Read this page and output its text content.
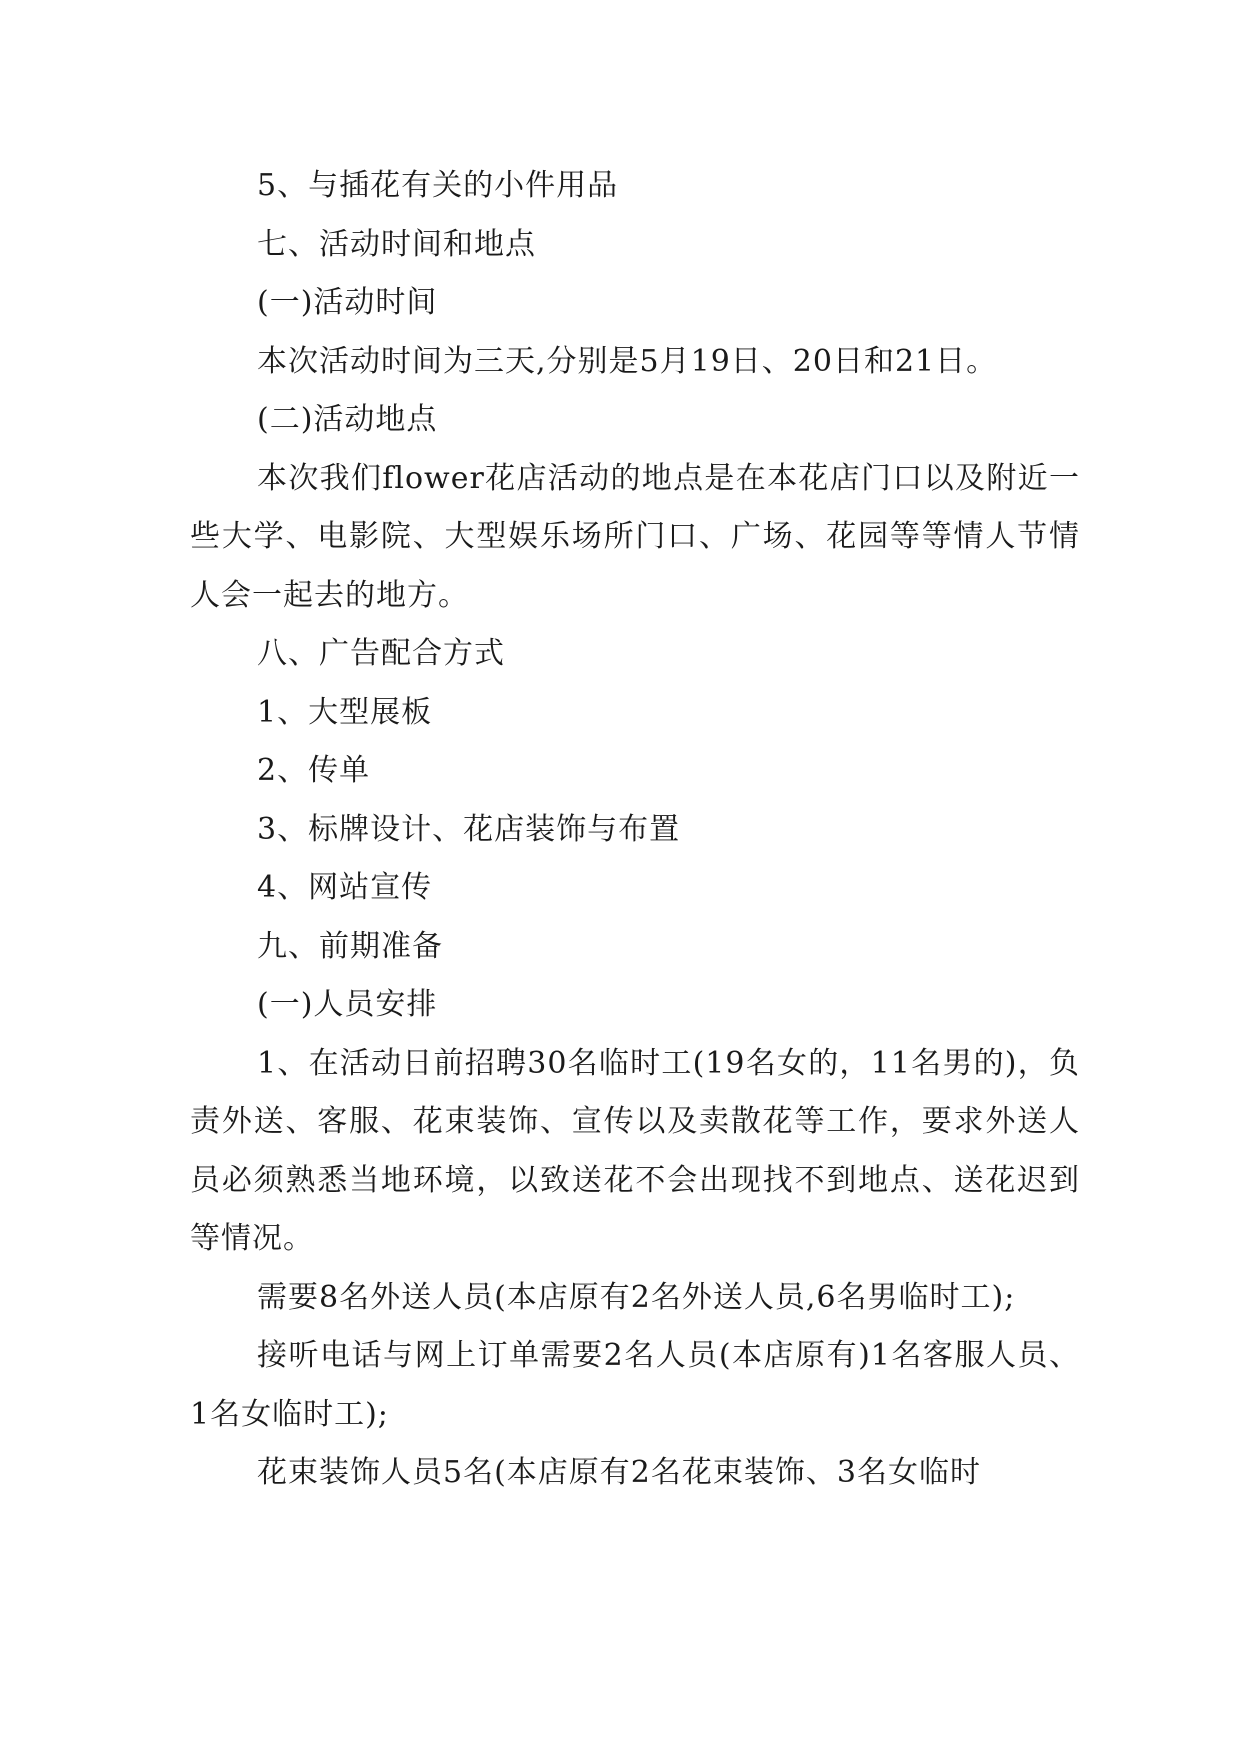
5、与插花有关的小件用品

七、活动时间和地点

(一)活动时间

本次活动时间为三天,分别是5月19日、20日和21日。

(二)活动地点

本次我们flower花店活动的地点是在本花店门口以及附近一些大学、电影院、大型娱乐场所门口、广场、花园等等情人节情人会一起去的地方。

八、广告配合方式

1、大型展板

2、传单

3、标牌设计、花店装饰与布置

4、网站宣传

九、前期准备

(一)人员安排

1、在活动日前招聘30名临时工(19名女的，11名男的)，负责外送、客服、花束装饰、宣传以及卖散花等工作，要求外送人员必须熟悉当地环境，以致送花不会出现找不到地点、送花迟到等情况。

需要8名外送人员(本店原有2名外送人员,6名男临时工);

接听电话与网上订单需要2名人员(本店原有)1名客服人员、1名女临时工);

花束装饰人员5名(本店原有2名花束装饰、3名女临时
